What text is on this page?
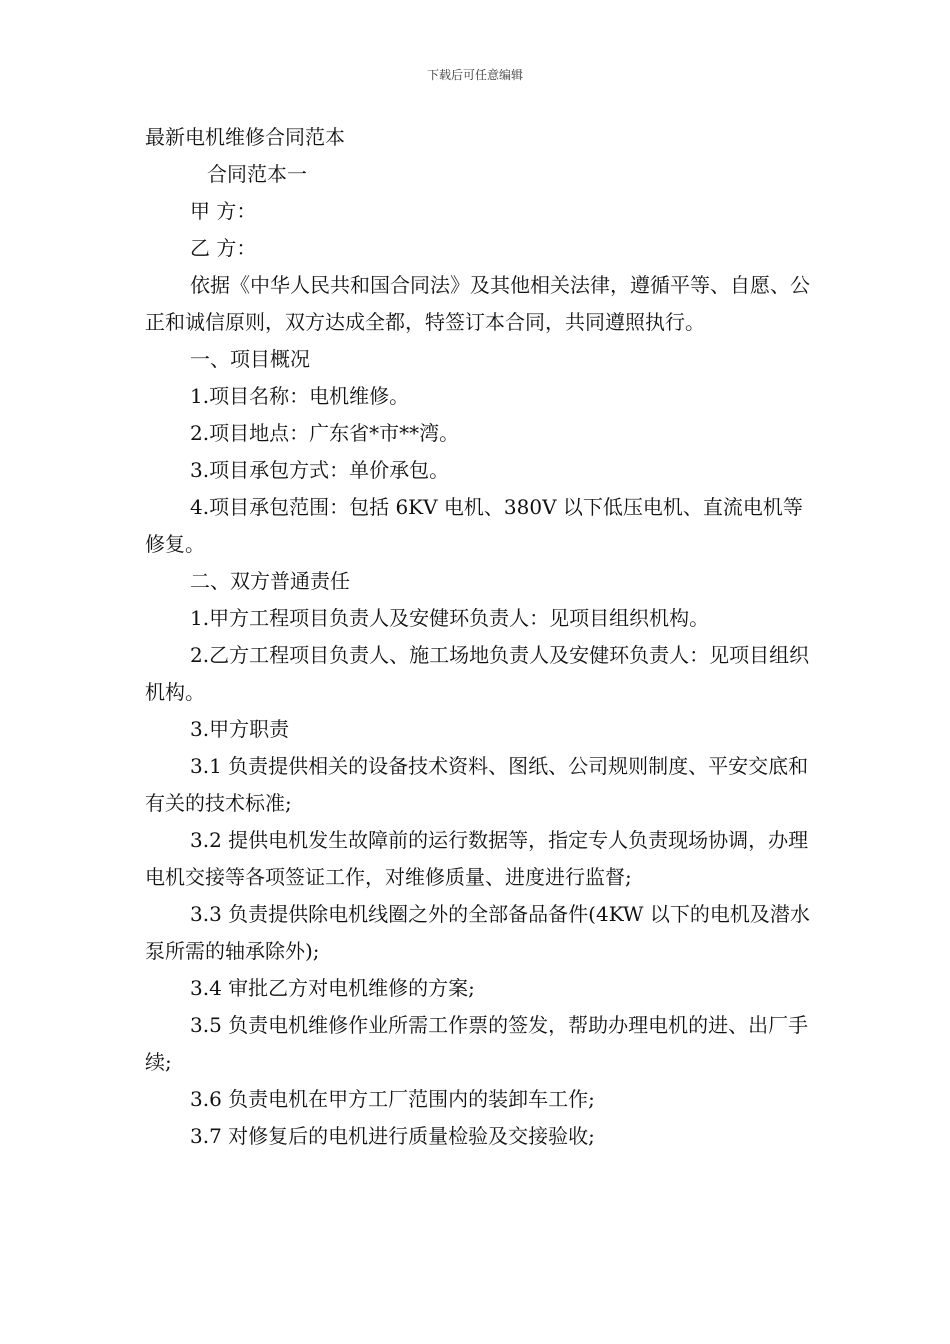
下载后可任意编辑

最新电机维修合同范本

合同范本一

甲 方：

乙 方：

依据《中华人民共和国合同法》及其他相关法律，遵循平等、自愿、公正和诚信原则，双方达成全都，特签订本合同，共同遵照执行。

一、项目概况

1.项目名称：电机维修。

2.项目地点：广东省*市**湾。

3.项目承包方式：单价承包。

4.项目承包范围：包括 6KV 电机、380V 以下低压电机、直流电机等修复。

二、双方普通责任

1.甲方工程项目负责人及安健环负责人：见项目组织机构。

2.乙方工程项目负责人、施工场地负责人及安健环负责人：见项目组织机构。

3.甲方职责

3.1 负责提供相关的设备技术资料、图纸、公司规则制度、平安交底和有关的技术标准;

3.2 提供电机发生故障前的运行数据等，指定专人负责现场协调，办理电机交接等各项签证工作，对维修质量、进度进行监督;

3.3 负责提供除电机线圈之外的全部备品备件(4KW 以下的电机及潜水泵所需的轴承除外);

3.4 审批乙方对电机维修的方案;

3.5 负责电机维修作业所需工作票的签发，帮助办理电机的进、出厂手续;

3.6 负责电机在甲方工厂范围内的装卸车工作;

3.7 对修复后的电机进行质量检验及交接验收;
